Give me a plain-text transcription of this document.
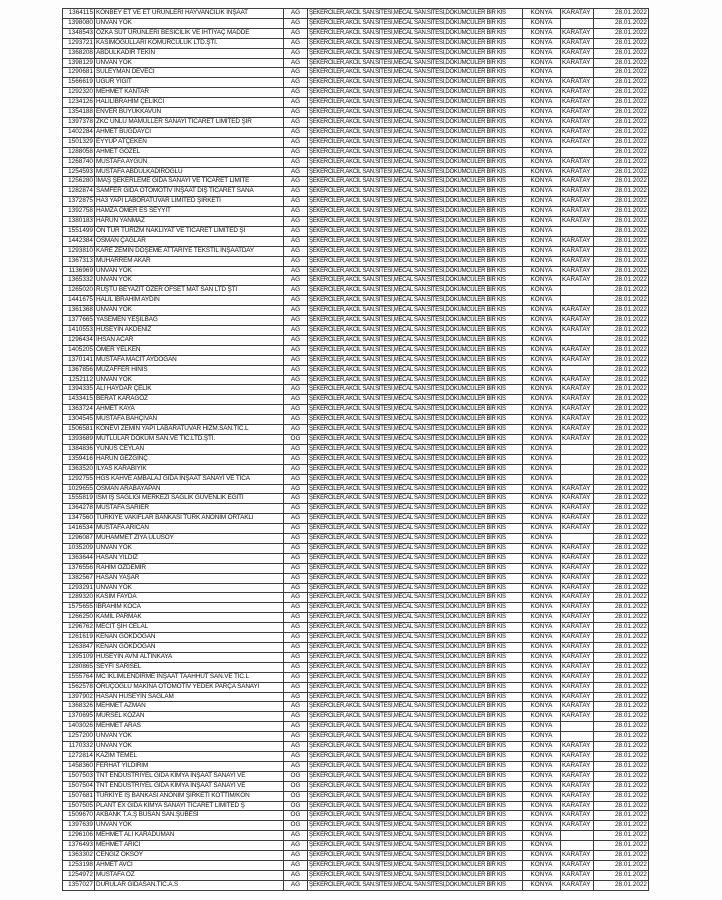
1364115	KONBEY ET VE ET ÜRÜNLERİ HAYVANCILIK İNŞAAT	AG	ŞEKERCİLER,AKCİL SAN.SİTESİ,MECAL SAN.SİTESİ,DÖKÜMCÜLER BİR KIS	KONYA	KARATAY	28.01.2022
1398080	UNVAN YOK	AG	ŞEKERCİLER,AKCİL SAN.SİTESİ,MECAL SAN.SİTESİ,DÖKÜMCÜLER BİR KIS	KONYA		28.01.2022
1348543	ÖZKA SÜT ÜRÜNLERİ BESİCİLİK VE İHTİYAÇ MADDE	AG	ŞEKERCİLER,AKCİL SAN.SİTESİ,MECAL SAN.SİTESİ,DÖKÜMCÜLER BİR KIS	KONYA	KARATAY	28.01.2022
1293721	KASIMOĞULLARI KÖMÜRCÜLÜK LTD.ŞTİ.	AG	ŞEKERCİLER,AKCİL SAN.SİTESİ,MECAL SAN.SİTESİ,DÖKÜMCÜLER BİR KIS	KONYA	KARATAY	28.01.2022
1368208	ABDULKADİR TEKİN	AG	ŞEKERCİLER,AKCİL SAN.SİTESİ,MECAL SAN.SİTESİ,DÖKÜMCÜLER BİR KIS	KONYA	KARATAY	28.01.2022
1398129	UNVAN YOK	AG	ŞEKERCİLER,AKCİL SAN.SİTESİ,MECAL SAN.SİTESİ,DÖKÜMCÜLER BİR KIS	KONYA	KARATAY	28.01.2022
1290681	SÜLEYMAN DEVECİ	AG	ŞEKERCİLER,AKCİL SAN.SİTESİ,MECAL SAN.SİTESİ,DÖKÜMCÜLER BİR KIS	KONYA		28.01.2022
1566619	UĞUR YİĞİT	AG	ŞEKERCİLER,AKCİL SAN.SİTESİ,MECAL SAN.SİTESİ,DÖKÜMCÜLER BİR KIS	KONYA	KARATAY	28.01.2022
1292320	MEHMET KANTAR	AG	ŞEKERCİLER,AKCİL SAN.SİTESİ,MECAL SAN.SİTESİ,DÖKÜMCÜLER BİR KIS	KONYA	KARATAY	28.01.2022
1234126	HALİLİBRAHİM ÇELİKCİ	AG	ŞEKERCİLER,AKCİL SAN.SİTESİ,MECAL SAN.SİTESİ,DÖKÜMCÜLER BİR KIS	KONYA	KARATAY	28.01.2022
1354188	ENVER BÜYÜKKAVUN	AG	ŞEKERCİLER,AKCİL SAN.SİTESİ,MECAL SAN.SİTESİ,DÖKÜMCÜLER BİR KIS	KONYA	KARATAY	28.01.2022
1397378	ZKC UNLU MAMÜLLER SANAYİ TİCARET LİMİTED ŞİR	AG	ŞEKERCİLER,AKCİL SAN.SİTESİ,MECAL SAN.SİTESİ,DÖKÜMCÜLER BİR KIS	KONYA	KARATAY	28.01.2022
1402284	AHMET BUĞDAYCI	AG	ŞEKERCİLER,AKCİL SAN.SİTESİ,MECAL SAN.SİTESİ,DÖKÜMCÜLER BİR KIS	KONYA	KARATAY	28.01.2022
1501329	EYYÜP ATÇEKEN	AG	ŞEKERCİLER,AKCİL SAN.SİTESİ,MECAL SAN.SİTESİ,DÖKÜMCÜLER BİR KIS	KONYA	KARATAY	28.01.2022
1288058	AHMET GÖZEL	AG	ŞEKERCİLER,AKCİL SAN.SİTESİ,MECAL SAN.SİTESİ,DÖKÜMCÜLER BİR KIS	KONYA		28.01.2022
1268740	MUSTAFA AYGÜN	AG	ŞEKERCİLER,AKCİL SAN.SİTESİ,MECAL SAN.SİTESİ,DÖKÜMCÜLER BİR KIS	KONYA	KARATAY	28.01.2022
1254593	MUSTAFA ABDULKADİROĞLU	AG	ŞEKERCİLER,AKCİL SAN.SİTESİ,MECAL SAN.SİTESİ,DÖKÜMCÜLER BİR KIS	KONYA	KARATAY	28.01.2022
1256280	İMAŞ ŞEKERLEME GIDA SANAYİ VE TİCARET LİMİTE	AG	ŞEKERCİLER,AKCİL SAN.SİTESİ,MECAL SAN.SİTESİ,DÖKÜMCÜLER BİR KIS	KONYA	KARATAY	28.01.2022
1282874	SAMFER GIDA OTOMOTİV İNŞAAT DIŞ TİCARET SANA	AG	ŞEKERCİLER,AKCİL SAN.SİTESİ,MECAL SAN.SİTESİ,DÖKÜMCÜLER BİR KIS	KONYA	KARATAY	28.01.2022
1372875	HA3 YAPI LABORATUVAR LİMİTED ŞİRKETİ	AG	ŞEKERCİLER,AKCİL SAN.SİTESİ,MECAL SAN.SİTESİ,DÖKÜMCÜLER BİR KIS	KONYA	KARATAY	28.01.2022
1392758	HAMZA ÖMER ES SEYYİT	AG	ŞEKERCİLER,AKCİL SAN.SİTESİ,MECAL SAN.SİTESİ,DÖKÜMCÜLER BİR KIS	KONYA	KARATAY	28.01.2022
1380183	HARUN YANMAZ	AG	ŞEKERCİLER,AKCİL SAN.SİTESİ,MECAL SAN.SİTESİ,DÖKÜMCÜLER BİR KIS	KONYA	KARATAY	28.01.2022
1551499	ÖN TUR TURİZM NAKLİYAT VE TİCARET LİMİTED Şİ	AG	ŞEKERCİLER,AKCİL SAN.SİTESİ,MECAL SAN.SİTESİ,DÖKÜMCÜLER BİR KIS	KONYA		28.01.2022
1442384	OSMAN ÇAĞLAR	AG	ŞEKERCİLER,AKCİL SAN.SİTESİ,MECAL SAN.SİTESİ,DÖKÜMCÜLER BİR KIS	KONYA	KARATAY	28.01.2022
1293810	KARE ZEMİN DÖŞEME ATTARİYE TEKSTİL İNŞAATDAY	AG	ŞEKERCİLER,AKCİL SAN.SİTESİ,MECAL SAN.SİTESİ,DÖKÜMCÜLER BİR KIS	KONYA	KARATAY	28.01.2022
1367313	MUHARREM AKAR	AG	ŞEKERCİLER,AKCİL SAN.SİTESİ,MECAL SAN.SİTESİ,DÖKÜMCÜLER BİR KIS	KONYA	KARATAY	28.01.2022
1136969	UNVAN YOK	AG	ŞEKERCİLER,AKCİL SAN.SİTESİ,MECAL SAN.SİTESİ,DÖKÜMCÜLER BİR KIS	KONYA	KARATAY	28.01.2022
1365332	UNVAN YOK	AG	ŞEKERCİLER,AKCİL SAN.SİTESİ,MECAL SAN.SİTESİ,DÖKÜMCÜLER BİR KIS	KONYA	KARATAY	28.01.2022
1265020	RÜŞTÜ BEYAZİT ÖZER OFSET MAT SAN LTD ŞTİ	AG	ŞEKERCİLER,AKCİL SAN.SİTESİ,MECAL SAN.SİTESİ,DÖKÜMCÜLER BİR KIS	KONYA		28.01.2022
1441675	HALİL İBRAHİM AYDIN	AG	ŞEKERCİLER,AKCİL SAN.SİTESİ,MECAL SAN.SİTESİ,DÖKÜMCÜLER BİR KIS	KONYA		28.01.2022
1361368	UNVAN YOK	AG	ŞEKERCİLER,AKCİL SAN.SİTESİ,MECAL SAN.SİTESİ,DÖKÜMCÜLER BİR KIS	KONYA	KARATAY	28.01.2022
1377665	YASEMEN YEŞİLBAĞ	AG	ŞEKERCİLER,AKCİL SAN.SİTESİ,MECAL SAN.SİTESİ,DÖKÜMCÜLER BİR KIS	KONYA	KARATAY	28.01.2022
1410553	HÜSEYİN AKDENİZ	AG	ŞEKERCİLER,AKCİL SAN.SİTESİ,MECAL SAN.SİTESİ,DÖKÜMCÜLER BİR KIS	KONYA	KARATAY	28.01.2022
1296434	İHSAN ACAR	AG	ŞEKERCİLER,AKCİL SAN.SİTESİ,MECAL SAN.SİTESİ,DÖKÜMCÜLER BİR KIS	KONYA		28.01.2022
1405205	ÖMER YELKEN	AG	ŞEKERCİLER,AKCİL SAN.SİTESİ,MECAL SAN.SİTESİ,DÖKÜMCÜLER BİR KIS	KONYA	KARATAY	28.01.2022
1370141	MUSTAFA MACİT AYDOĞAN	AG	ŞEKERCİLER,AKCİL SAN.SİTESİ,MECAL SAN.SİTESİ,DÖKÜMCÜLER BİR KIS	KONYA	KARATAY	28.01.2022
1367856	MUZAFFER HINIS	AG	ŞEKERCİLER,AKCİL SAN.SİTESİ,MECAL SAN.SİTESİ,DÖKÜMCÜLER BİR KIS	KONYA		28.01.2022
1252112	UNVAN YOK	AG	ŞEKERCİLER,AKCİL SAN.SİTESİ,MECAL SAN.SİTESİ,DÖKÜMCÜLER BİR KIS	KONYA	KARATAY	28.01.2022
1394335	ALİ HAYDAR ÇELİK	AG	ŞEKERCİLER,AKCİL SAN.SİTESİ,MECAL SAN.SİTESİ,DÖKÜMCÜLER BİR KIS	KONYA	KARATAY	28.01.2022
1433415	BERAT KARAGÖZ	AG	ŞEKERCİLER,AKCİL SAN.SİTESİ,MECAL SAN.SİTESİ,DÖKÜMCÜLER BİR KIS	KONYA	KARATAY	28.01.2022
1363724	AHMET KAYA	AG	ŞEKERCİLER,AKCİL SAN.SİTESİ,MECAL SAN.SİTESİ,DÖKÜMCÜLER BİR KIS	KONYA	KARATAY	28.01.2022
1304545	MUSTAFA BAHÇIVAN	AG	ŞEKERCİLER,AKCİL SAN.SİTESİ,MECAL SAN.SİTESİ,DÖKÜMCÜLER BİR KIS	KONYA	KARATAY	28.01.2022
1506581	KONEVİ ZEMİN YAPI LABARATUVAR HİZM.SAN.TİC.L	AG	ŞEKERCİLER,AKCİL SAN.SİTESİ,MECAL SAN.SİTESİ,DÖKÜMCÜLER BİR KIS	KONYA	KARATAY	28.01.2022
1393689	MUTLULAR DÖKÜM SAN.VE TİC.LTD.ŞTİ.	OG	ŞEKERCİLER,AKCİL SAN.SİTESİ,MECAL SAN.SİTESİ,DÖKÜMCÜLER BİR KIS	KONYA	KARATAY	28.01.2022
1384836	YUNUS CEYLAN	AG	ŞEKERCİLER,AKCİL SAN.SİTESİ,MECAL SAN.SİTESİ,DÖKÜMCÜLER BİR KIS	KONYA		28.01.2022
1359416	HARUN GEZGİNÇ	AG	ŞEKERCİLER,AKCİL SAN.SİTESİ,MECAL SAN.SİTESİ,DÖKÜMCÜLER BİR KIS	KONYA		28.01.2022
1363520	İLYAS KARABIYIK	AG	ŞEKERCİLER,AKCİL SAN.SİTESİ,MECAL SAN.SİTESİ,DÖKÜMCÜLER BİR KIS	KONYA		28.01.2022
1292755	HGS KAHVE AMBALAJ GIDA İNŞAAT SANAYİ VE TİCA	AG	ŞEKERCİLER,AKCİL SAN.SİTESİ,MECAL SAN.SİTESİ,DÖKÜMCÜLER BİR KIS	KONYA		28.01.2022
1029655	OSMAN ARABAYAPAN	AG	ŞEKERCİLER,AKCİL SAN.SİTESİ,MECAL SAN.SİTESİ,DÖKÜMCÜLER BİR KIS	KONYA	KARATAY	28.01.2022
1555819	İSM İŞ SAĞLIĞI MERKEZİ SAĞLIK GÜVENLİK EĞİTİ	AG	ŞEKERCİLER,AKCİL SAN.SİTESİ,MECAL SAN.SİTESİ,DÖKÜMCÜLER BİR KIS	KONYA	KARATAY	28.01.2022
1364278	MUSTAFA SARIER	AG	ŞEKERCİLER,AKCİL SAN.SİTESİ,MECAL SAN.SİTESİ,DÖKÜMCÜLER BİR KIS	KONYA	KARATAY	28.01.2022
1347560	TÜRKİYE VAKIFLAR BANKASI TÜRK ANONİM ORTAKLI	AG	ŞEKERCİLER,AKCİL SAN.SİTESİ,MECAL SAN.SİTESİ,DÖKÜMCÜLER BİR KIS	KONYA	KARATAY	28.01.2022
1416534	MUSTAFA ARICAN	AG	ŞEKERCİLER,AKCİL SAN.SİTESİ,MECAL SAN.SİTESİ,DÖKÜMCÜLER BİR KIS	KONYA	KARATAY	28.01.2022
1296087	MUHAMMET ZİYA ULUSOY	AG	ŞEKERCİLER,AKCİL SAN.SİTESİ,MECAL SAN.SİTESİ,DÖKÜMCÜLER BİR KIS	KONYA		28.01.2022
1035209	UNVAN YOK	AG	ŞEKERCİLER,AKCİL SAN.SİTESİ,MECAL SAN.SİTESİ,DÖKÜMCÜLER BİR KIS	KONYA	KARATAY	28.01.2022
1363644	HASAN YILDIZ	AG	ŞEKERCİLER,AKCİL SAN.SİTESİ,MECAL SAN.SİTESİ,DÖKÜMCÜLER BİR KIS	KONYA	KARATAY	28.01.2022
1376556	RAHİM ÖZDEMİR	AG	ŞEKERCİLER,AKCİL SAN.SİTESİ,MECAL SAN.SİTESİ,DÖKÜMCÜLER BİR KIS	KONYA	KARATAY	28.01.2022
1382567	HASAN YAŞAR	AG	ŞEKERCİLER,AKCİL SAN.SİTESİ,MECAL SAN.SİTESİ,DÖKÜMCÜLER BİR KIS	KONYA	KARATAY	28.01.2022
1293291	UNVAN YOK	AG	ŞEKERCİLER,AKCİL SAN.SİTESİ,MECAL SAN.SİTESİ,DÖKÜMCÜLER BİR KIS	KONYA	KARATAY	28.01.2022
1289320	KASIM FAYDA	AG	ŞEKERCİLER,AKCİL SAN.SİTESİ,MECAL SAN.SİTESİ,DÖKÜMCÜLER BİR KIS	KONYA	KARATAY	28.01.2022
1575655	İBRAHİM KOCA	AG	ŞEKERCİLER,AKCİL SAN.SİTESİ,MECAL SAN.SİTESİ,DÖKÜMCÜLER BİR KIS	KONYA	KARATAY	28.01.2022
1266250	KAMİL PARMAK	AG	ŞEKERCİLER,AKCİL SAN.SİTESİ,MECAL SAN.SİTESİ,DÖKÜMCÜLER BİR KIS	KONYA	KARATAY	28.01.2022
1296762	MECİT ŞIH CELAL	AG	ŞEKERCİLER,AKCİL SAN.SİTESİ,MECAL SAN.SİTESİ,DÖKÜMCÜLER BİR KIS	KONYA	KARATAY	28.01.2022
1261619	KENAN GÖKDOĞAN	AG	ŞEKERCİLER,AKCİL SAN.SİTESİ,MECAL SAN.SİTESİ,DÖKÜMCÜLER BİR KIS	KONYA	KARATAY	28.01.2022
1263847	KENAN GÖKDOĞAN	AG	ŞEKERCİLER,AKCİL SAN.SİTESİ,MECAL SAN.SİTESİ,DÖKÜMCÜLER BİR KIS	KONYA	KARATAY	28.01.2022
1395109	HÜSEYİN AVNİ ALTINKAYA	AG	ŞEKERCİLER,AKCİL SAN.SİTESİ,MECAL SAN.SİTESİ,DÖKÜMCÜLER BİR KIS	KONYA	KARATAY	28.01.2022
1280865	SEYFİ SARISEL	AG	ŞEKERCİLER,AKCİL SAN.SİTESİ,MECAL SAN.SİTESİ,DÖKÜMCÜLER BİR KIS	KONYA	KARATAY	28.01.2022
1555764	MC İKLİMLENDİRME İNŞAAT TAAHHÜT SAN.VE TİC.L	AG	ŞEKERCİLER,AKCİL SAN.SİTESİ,MECAL SAN.SİTESİ,DÖKÜMCÜLER BİR KIS	KONYA	KARATAY	28.01.2022
1562578	ORUÇOĞLU MAKİNA OTOMOTİV YEDEK PARÇA SANAYİ	AG	ŞEKERCİLER,AKCİL SAN.SİTESİ,MECAL SAN.SİTESİ,DÖKÜMCÜLER BİR KIS	KONYA	KARATAY	28.01.2022
1397902	HASAN HÜSEYİN SAĞLAM	AG	ŞEKERCİLER,AKCİL SAN.SİTESİ,MECAL SAN.SİTESİ,DÖKÜMCÜLER BİR KIS	KONYA	KARATAY	28.01.2022
1368326	MEHMET AZMAN	AG	ŞEKERCİLER,AKCİL SAN.SİTESİ,MECAL SAN.SİTESİ,DÖKÜMCÜLER BİR KIS	KONYA	KARATAY	28.01.2022
1370695	MÜRSEL KOZAN	AG	ŞEKERCİLER,AKCİL SAN.SİTESİ,MECAL SAN.SİTESİ,DÖKÜMCÜLER BİR KIS	KONYA	KARATAY	28.01.2022
1403026	MEHMET ARAS	AG	ŞEKERCİLER,AKCİL SAN.SİTESİ,MECAL SAN.SİTESİ,DÖKÜMCÜLER BİR KIS	KONYA		28.01.2022
1257200	UNVAN YOK	AG	ŞEKERCİLER,AKCİL SAN.SİTESİ,MECAL SAN.SİTESİ,DÖKÜMCÜLER BİR KIS	KONYA		28.01.2022
1170332	UNVAN YOK	AG	ŞEKERCİLER,AKCİL SAN.SİTESİ,MECAL SAN.SİTESİ,DÖKÜMCÜLER BİR KIS	KONYA	KARATAY	28.01.2022
1272814	KAZIM TEMEL	AG	ŞEKERCİLER,AKCİL SAN.SİTESİ,MECAL SAN.SİTESİ,DÖKÜMCÜLER BİR KIS	KONYA	KARATAY	28.01.2022
1458360	FERHAT YILDIRIM	AG	ŞEKERCİLER,AKCİL SAN.SİTESİ,MECAL SAN.SİTESİ,DÖKÜMCÜLER BİR KIS	KONYA	KARATAY	28.01.2022
1507503	TNT ENDÜSTRİYEL GIDA KİMYA İNŞAAT SANAYİ VE	OG	ŞEKERCİLER,AKCİL SAN.SİTESİ,MECAL SAN.SİTESİ,DÖKÜMCÜLER BİR KIS	KONYA	KARATAY	28.01.2022
1507504	TNT ENDÜSTRİYEL GIDA KİMYA İNŞAAT SANAYİ VE	OG	ŞEKERCİLER,AKCİL SAN.SİTESİ,MECAL SAN.SİTESİ,DÖKÜMCÜLER BİR KIS	KONYA	KARATAY	28.01.2022
1507681	TÜRKİYE İŞ BANKASI ANONİM ŞİRKETİ KOTTİM/KON	OG	ŞEKERCİLER,AKCİL SAN.SİTESİ,MECAL SAN.SİTESİ,DÖKÜMCÜLER BİR KIS	KONYA	KARATAY	28.01.2022
1507505	PLANT EX GIDA KİMYA SANAYİ TİCARET LİMİTED Ş	OG	ŞEKERCİLER,AKCİL SAN.SİTESİ,MECAL SAN.SİTESİ,DÖKÜMCÜLER BİR KIS	KONYA	KARATAY	28.01.2022
1509670	AKBANK T.A.Ş BÜSAN SAN.ŞUBESİ	OG	ŞEKERCİLER,AKCİL SAN.SİTESİ,MECAL SAN.SİTESİ,DÖKÜMCÜLER BİR KIS	KONYA	KARATAY	28.01.2022
1397639	UNVAN YOK	OG	ŞEKERCİLER,AKCİL SAN.SİTESİ,MECAL SAN.SİTESİ,DÖKÜMCÜLER BİR KIS	KONYA	KARATAY	28.01.2022
1296106	MEHMET ALİ KARADUMAN	AG	ŞEKERCİLER,AKCİL SAN.SİTESİ,MECAL SAN.SİTESİ,DÖKÜMCÜLER BİR KIS	KONYA		28.01.2022
1376493	MEHMET ARICI	AG	ŞEKERCİLER,AKCİL SAN.SİTESİ,MECAL SAN.SİTESİ,DÖKÜMCÜLER BİR KIS	KONYA		28.01.2022
1363302	CENGİZ OKSOY	AG	ŞEKERCİLER,AKCİL SAN.SİTESİ,MECAL SAN.SİTESİ,DÖKÜMCÜLER BİR KIS	KONYA	KARATAY	28.01.2022
1253198	AHMET AVCI	AG	ŞEKERCİLER,AKCİL SAN.SİTESİ,MECAL SAN.SİTESİ,DÖKÜMCÜLER BİR KIS	KONYA	KARATAY	28.01.2022
1254972	MUSTAFA ÖZ	AG	ŞEKERCİLER,AKCİL SAN.SİTESİ,MECAL SAN.SİTESİ,DÖKÜMCÜLER BİR KIS	KONYA	KARATAY	28.01.2022
1357027	DURULAR GIDASAN.TIC.A.S	AG	ŞEKERCİLER,AKCİL SAN.SİTESİ,MECAL SAN.SİTESİ,DÖKÜMCÜLER BİR KIS	KONYA	KARATAY	28.01.2022
